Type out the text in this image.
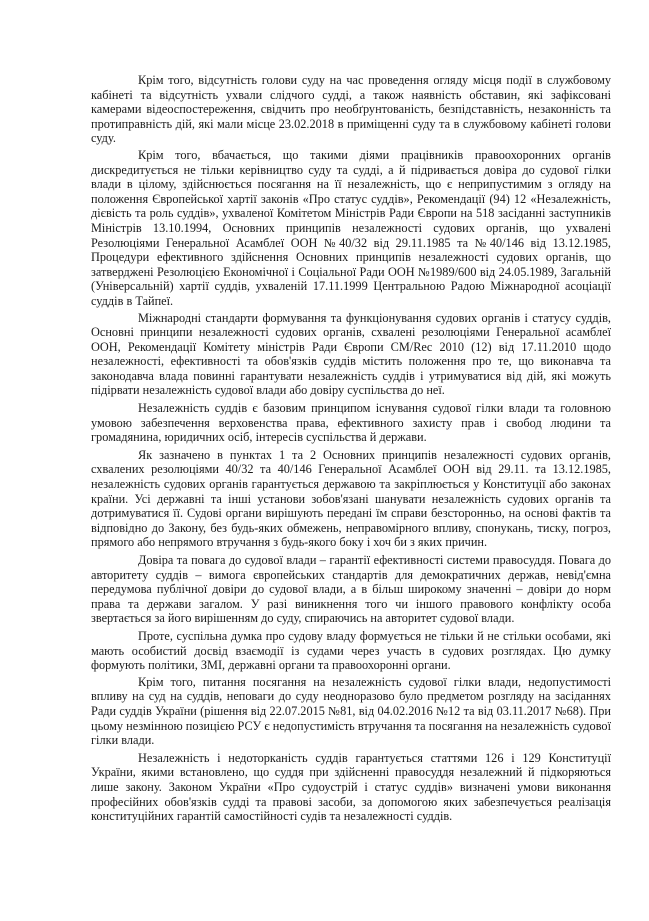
Крім того, відсутність голови суду на час проведення огляду місця події в службовому кабінеті та відсутність ухвали слідчого судді, а також наявність обставин, які зафіксовані камерами відеоспостереження, свідчить про необґрунтованість, безпідставність, незаконність та протиправність дій, які мали місце 23.02.2018 в приміщенні суду та в службовому кабінеті голови суду.

Крім того, вбачається, що такими діями працівників правоохоронних органів дискредитується не тільки керівництво суду та судді, а й підривається довіра до судової гілки влади в цілому, здійснюється посягання на її незалежність, що є неприпустимим з огляду на положення Європейської хартії законів «Про статус суддів», Рекомендації (94) 12 «Незалежність, дієвість та роль суддів», ухваленої Комітетом Міністрів Ради Європи на 518 засіданні заступників Міністрів 13.10.1994, Основних принципів незалежності судових органів, що ухвалені Резолюціями Генеральної Асамблеї ООН №40/32 від 29.11.1985 та №40/146 від 13.12.1985, Процедури ефективного здійснення Основних принципів незалежності судових органів, що затверджені Резолюцією Економічної і Соціальної Ради ООН №1989/600 від 24.05.1989, Загальній (Універсальній) хартії суддів, ухваленій 17.11.1999 Центральною Радою Міжнародної асоціації суддів в Тайпеї.

Міжнародні стандарти формування та функціонування судових органів і статусу суддів, Основні принципи незалежності судових органів, схвалені резолюціями Генеральної асамблеї ООН, Рекомендації Комітету міністрів Ради Європи CM/Rec 2010 (12) від 17.11.2010 щодо незалежності, ефективності та обов'язків суддів містить положення про те, що виконавча та законодавча влада повинні гарантувати незалежність суддів і утримуватися від дій, які можуть підірвати незалежність судової влади або довіру суспільства до неї.

Незалежність суддів є базовим принципом існування судової гілки влади та головною умовою забезпечення верховенства права, ефективного захисту прав і свобод людини та громадянина, юридичних осіб, інтересів суспільства й держави.

Як зазначено в пунктах 1 та 2 Основних принципів незалежності судових органів, схвалених резолюціями 40/32 та 40/146 Генеральної Асамблеї ООН від 29.11. та 13.12.1985, незалежність судових органів гарантується державою та закріплюється у Конституції або законах країни. Усі державні та інші установи зобов'язані шанувати незалежність судових органів та дотримуватися її. Судові органи вирішують передані їм справи безсторонньо, на основі фактів та відповідно до Закону, без будь-яких обмежень, неправомірного впливу, спонукань, тиску, погроз, прямого або непрямого втручання з будь-якого боку і хоч би з яких причин.

Довіра та повага до судової влади – гарантії ефективності системи правосуддя. Повага до авторитету суддів – вимога європейських стандартів для демократичних держав, невід'ємна передумова публічної довіри до судової влади, а в більш широкому значенні – довіри до норм права та держави загалом. У разі виникнення того чи іншого правового конфлікту особа звертається за його вирішенням до суду, спираючись на авторитет судової влади.

Проте, суспільна думка про судову владу формується не тільки й не стільки особами, які мають особистий досвід взаємодії із судами через участь в судових розглядах. Цю думку формують політики, ЗМІ, державні органи та правоохоронні органи.

Крім того, питання посягання на незалежність судової гілки влади, недопустимості впливу на суд на суддів, неповаги до суду неодноразово було предметом розгляду на засіданнях Ради суддів України (рішення від 22.07.2015 №81, від 04.02.2016 №12 та від 03.11.2017 №68). При цьому незмінною позицією РСУ є недопустимість втручання та посягання на незалежність судової гілки влади.

Незалежність і недоторканість суддів гарантується статтями 126 і 129 Конституції України, якими встановлено, що суддя при здійсненні правосуддя незалежний й підкоряються лише закону. Законом України «Про судоустрій і статус суддів» визначені умови виконання професійних обов'язків судді та правові засоби, за допомогою яких забезпечується реалізація конституційних гарантій самостійності судів та незалежності суддів.
